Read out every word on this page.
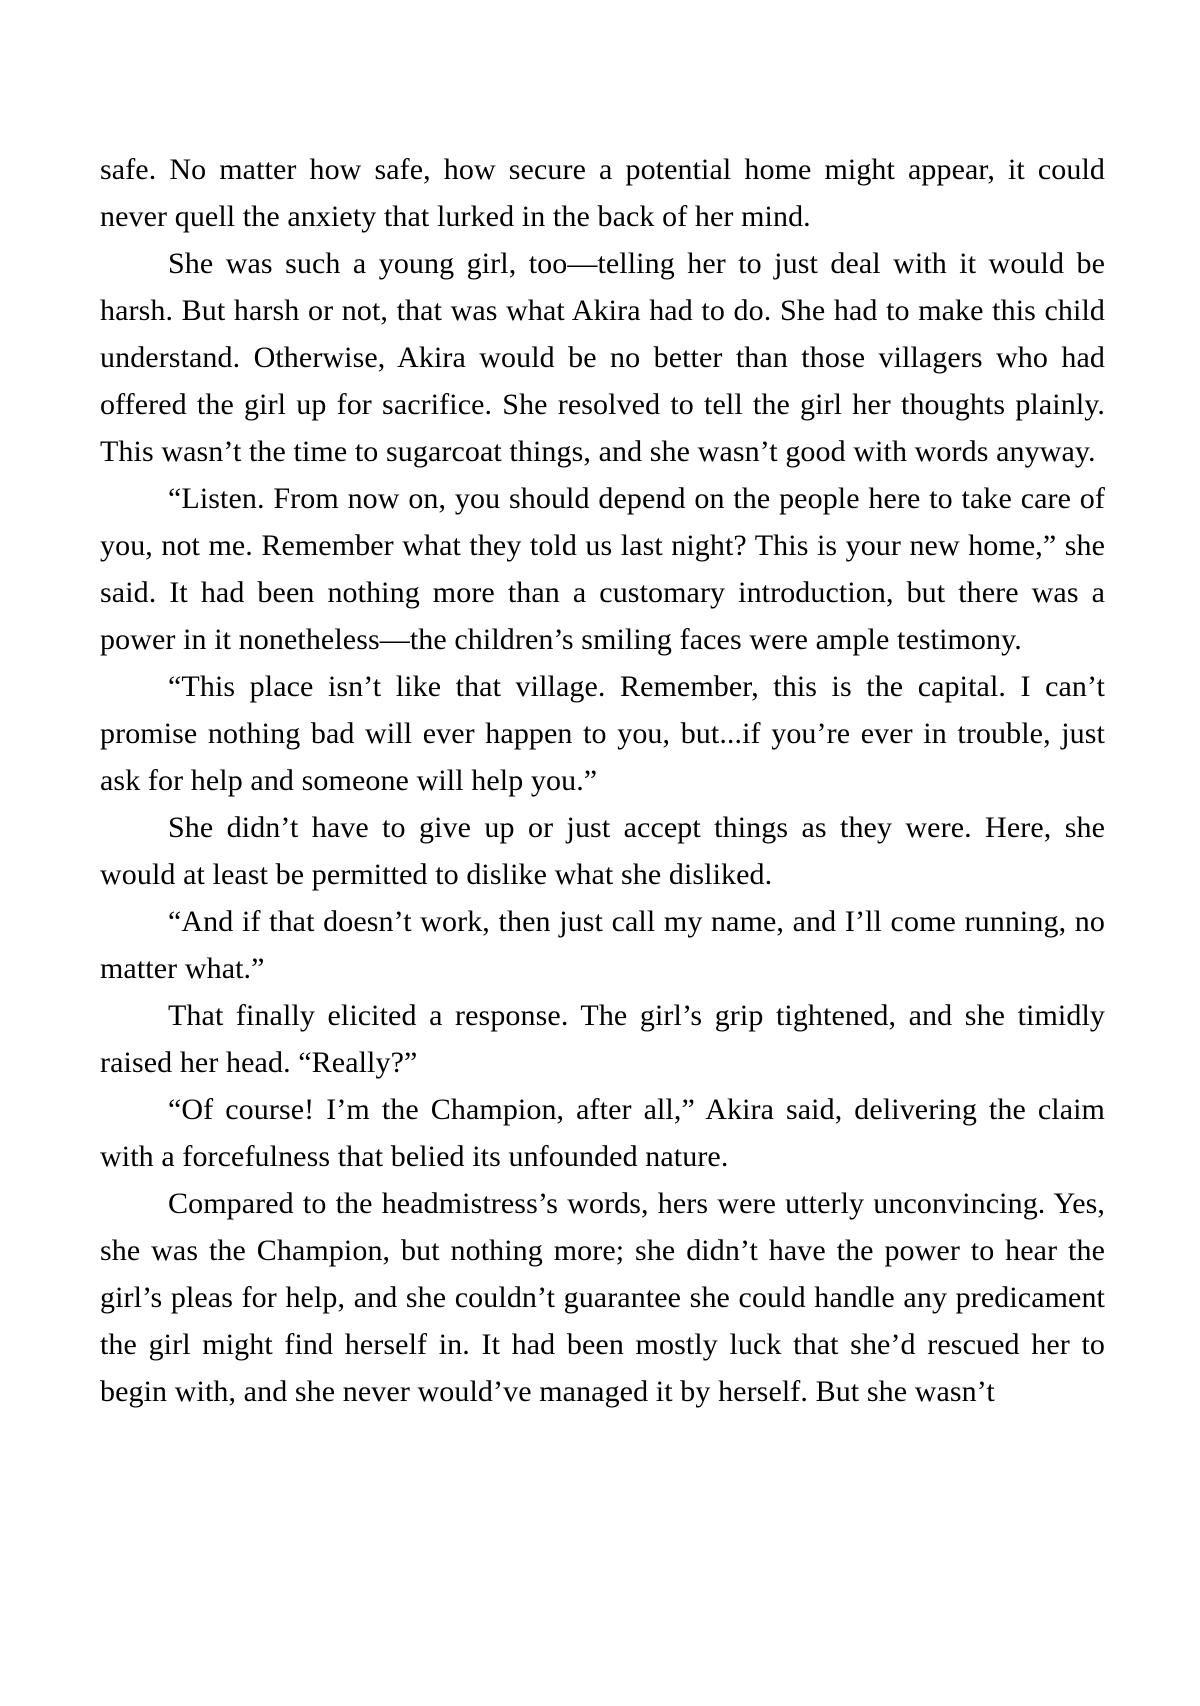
safe. No matter how safe, how secure a potential home might appear, it could never quell the anxiety that lurked in the back of her mind.

She was such a young girl, too—telling her to just deal with it would be harsh. But harsh or not, that was what Akira had to do. She had to make this child understand. Otherwise, Akira would be no better than those villagers who had offered the girl up for sacrifice. She resolved to tell the girl her thoughts plainly. This wasn’t the time to sugarcoat things, and she wasn’t good with words anyway.

“Listen. From now on, you should depend on the people here to take care of you, not me. Remember what they told us last night? This is your new home,” she said. It had been nothing more than a customary introduction, but there was a power in it nonetheless—the children’s smiling faces were ample testimony.

“This place isn’t like that village. Remember, this is the capital. I can’t promise nothing bad will ever happen to you, but...if you’re ever in trouble, just ask for help and someone will help you.”

She didn’t have to give up or just accept things as they were. Here, she would at least be permitted to dislike what she disliked.

“And if that doesn’t work, then just call my name, and I’ll come running, no matter what.”

That finally elicited a response. The girl’s grip tightened, and she timidly raised her head. “Really?”

“Of course! I’m the Champion, after all,” Akira said, delivering the claim with a forcefulness that belied its unfounded nature.

Compared to the headmistress’s words, hers were utterly unconvincing. Yes, she was the Champion, but nothing more; she didn’t have the power to hear the girl’s pleas for help, and she couldn’t guarantee she could handle any predicament the girl might find herself in. It had been mostly luck that she’d rescued her to begin with, and she never would’ve managed it by herself. But she wasn’t
